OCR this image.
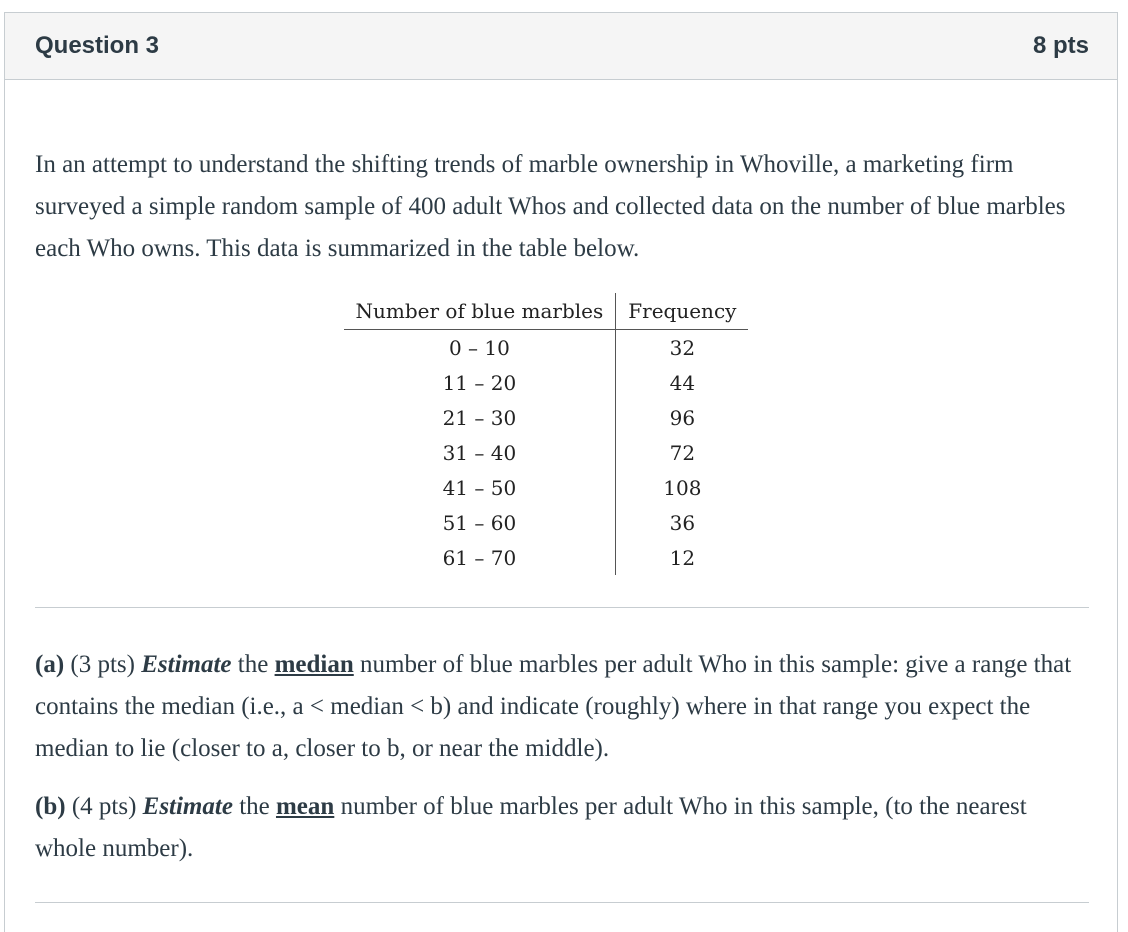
Question 3	8 pts

In an attempt to understand the shifting trends of marble ownership in Whoville, a marketing firm surveyed a simple random sample of 400 adult Whos and collected data on the number of blue marbles each Who owns. This data is summarized in the table below.

Number of blue marbles	Frequency
0 – 10	32
11 – 20	44
21 – 30	96
31 – 40	72
41 – 50	108
51 – 60	36
61 – 70	12

(a) (3 pts) Estimate the median number of blue marbles per adult Who in this sample: give a range that contains the median (i.e., a < median < b) and indicate (roughly) where in that range you expect the median to lie (closer to a, closer to b, or near the middle).

(b) (4 pts) Estimate the mean number of blue marbles per adult Who in this sample, (to the nearest whole number).
